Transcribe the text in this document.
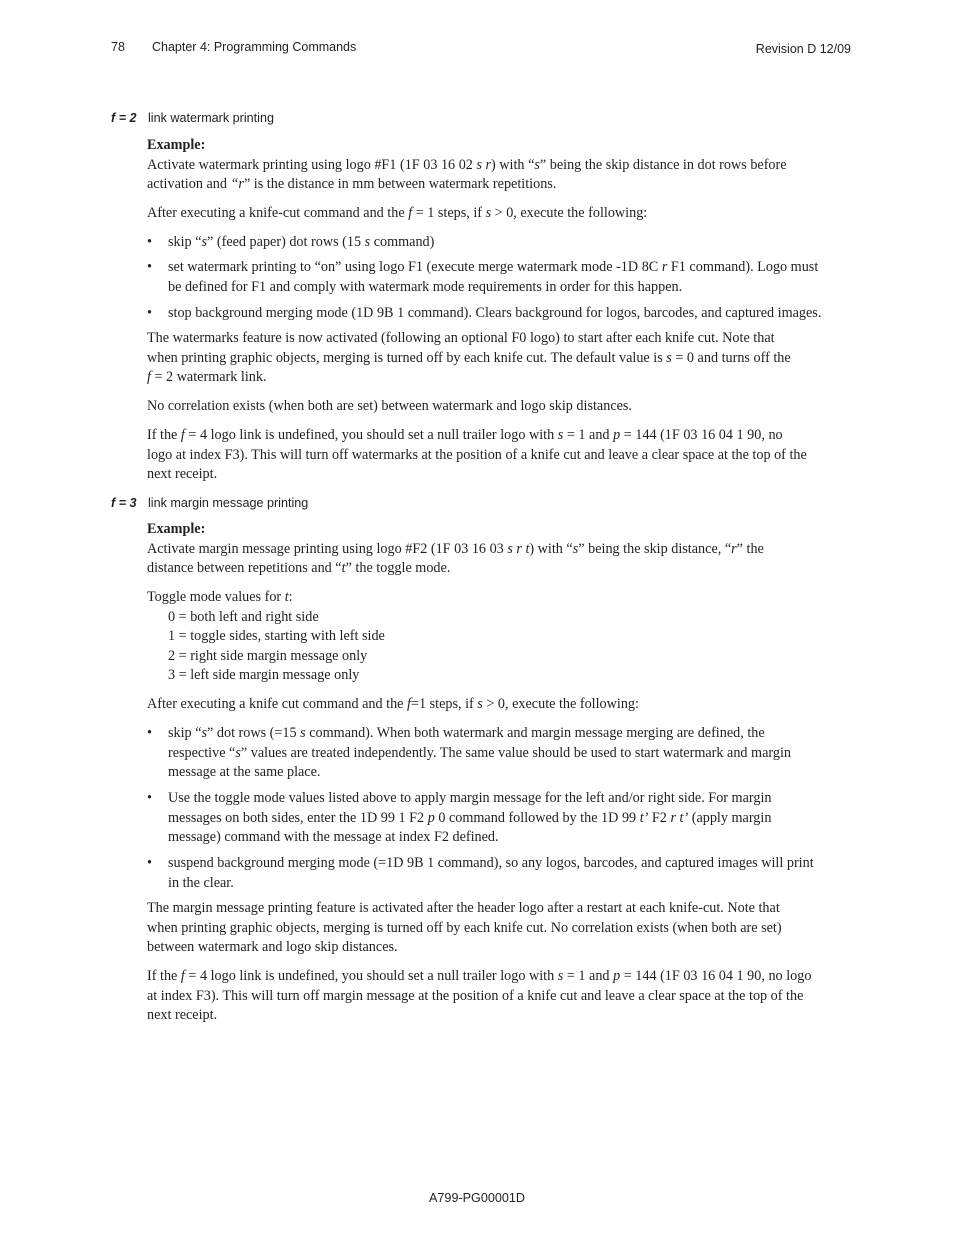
78 Chapter 4: Programming Commands	Revision D 12/09
f = 2 link watermark printing
Example:
Activate watermark printing using logo #F1 (1F 03 16 02 s r) with “s” being the skip distance in dot rows before
activation and “r” is the distance in mm between watermark repetitions.
After executing a knife-cut command and the f = 1 steps, if s > 0, execute the following:
• skip “s” (feed paper) dot rows (15 s command)
• set watermark printing to “on” using logo F1 (execute merge watermark mode -1D 8C r F1 command). Logo must
be defined for F1 and comply with watermark mode requirements in order for this happen.
• stop background merging mode (1D 9B 1 command). Clears background for logos, barcodes, and captured images.
The watermarks feature is now activated (following an optional F0 logo) to start after each knife cut. Note that
when printing graphic objects, merging is turned off by each knife cut. The default value is s = 0 and turns off the
f = 2 watermark link.
No correlation exists (when both are set) between watermark and logo skip distances.
If the f = 4 logo link is undefined, you should set a null trailer logo with s = 1 and p = 144 (1F 03 16 04 1 90, no
logo at index F3). This will turn off watermarks at the position of a knife cut and leave a clear space at the top of the
next receipt.
f = 3 link margin message printing
Example:
Activate margin message printing using logo #F2 (1F 03 16 03 s r t) with “s” being the skip distance, “r” the
distance between repetitions and “t” the toggle mode.
Toggle mode values for t:
0 = both left and right side
1 = toggle sides, starting with left side
2 = right side margin message only
3 = left side margin message only
After executing a knife cut command and the f=1 steps, if s > 0, execute the following:
• skip “s” dot rows (=15 s command). When both watermark and margin message merging are defined, the
respective “s” values are treated independently. The same value should be used to start watermark and margin
message at the same place.
• Use the toggle mode values listed above to apply margin message for the left and/or right side. For margin
messages on both sides, enter the 1D 99 1 F2 p 0 command followed by the 1D 99 t’ F2 r t’ (apply margin
message) command with the message at index F2 defined.
• suspend background merging mode (=1D 9B 1 command), so any logos, barcodes, and captured images will print
in the clear.
The margin message printing feature is activated after the header logo after a restart at each knife-cut. Note that
when printing graphic objects, merging is turned off by each knife cut. No correlation exists (when both are set)
between watermark and logo skip distances.
If the f = 4 logo link is undefined, you should set a null trailer logo with s = 1 and p = 144 (1F 03 16 04 1 90, no logo
at index F3). This will turn off margin message at the position of a knife cut and leave a clear space at the top of the
next receipt.
A799-PG00001D
